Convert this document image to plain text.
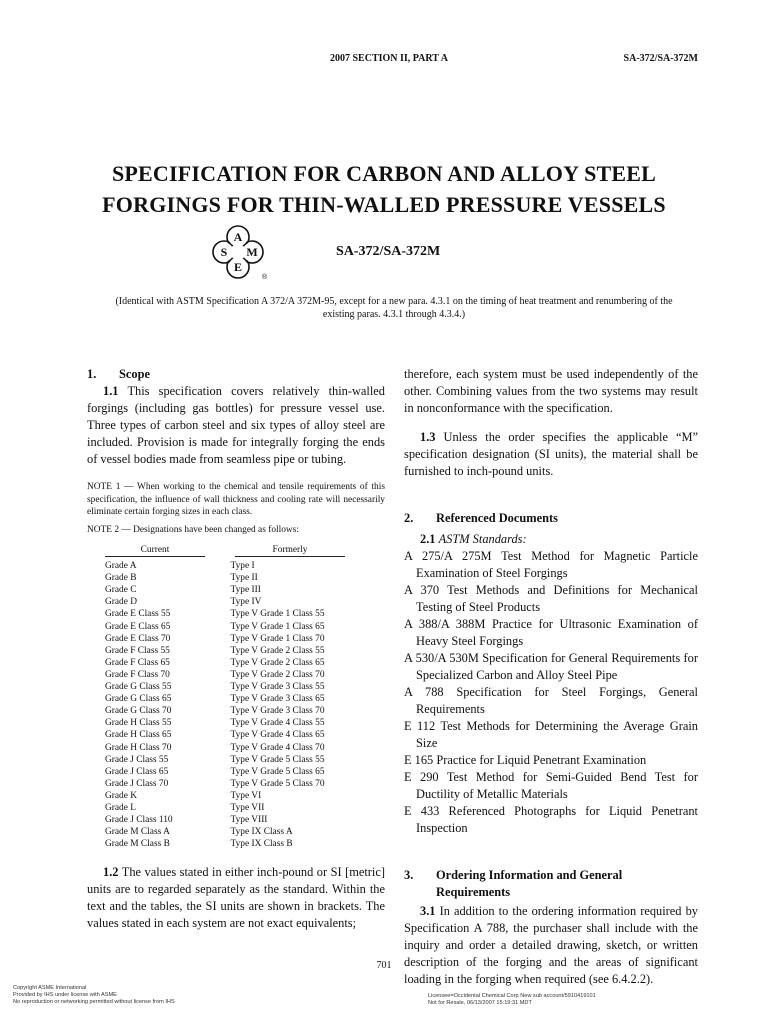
2007 SECTION II, PART A	SA-372/SA-372M
SPECIFICATION FOR CARBON AND ALLOY STEEL
FORGINGS FOR THIN-WALLED PRESSURE VESSELS
A
S M
E
®
SA-372/SA-372M
(Identical with ASTM Specification A 372/A 372M-95, except for a new para. 4.3.1 on the timing of heat treatment and renumbering of the existing paras. 4.3.1 through 4.3.4.)
1. Scope

1.1 This specification covers relatively thin-walled forgings (including gas bottles) for pressure vessel use. Three types of carbon steel and six types of alloy steel are included. Provision is made for integrally forging the ends of vessel bodies made from seamless pipe or tubing.

NOTE 1 — When working to the chemical and tensile requirements of this specification, the influence of wall thickness and cooling rate will necessarily eliminate certain forging sizes in each class.

NOTE 2 — Designations have been changed as follows:

Current	Formerly
Grade A	Type I
Grade B	Type II
Grade C	Type III
Grade D	Type IV
Grade E Class 55	Type V Grade 1 Class 55
Grade E Class 65	Type V Grade 1 Class 65
Grade E Class 70	Type V Grade 1 Class 70
Grade F Class 55	Type V Grade 2 Class 55
Grade F Class 65	Type V Grade 2 Class 65
Grade F Class 70	Type V Grade 2 Class 70
Grade G Class 55	Type V Grade 3 Class 55
Grade G Class 65	Type V Grade 3 Class 65
Grade G Class 70	Type V Grade 3 Class 70
Grade H Class 55	Type V Grade 4 Class 55
Grade H Class 65	Type V Grade 4 Class 65
Grade H Class 70	Type V Grade 4 Class 70
Grade J Class 55	Type V Grade 5 Class 55
Grade J Class 65	Type V Grade 5 Class 65
Grade J Class 70	Type V Grade 5 Class 70
Grade K	Type VI
Grade L	Type VII
Grade J Class 110	Type VIII
Grade M Class A	Type IX Class A
Grade M Class B	Type IX Class B

1.2 The values stated in either inch-pound or SI [metric] units are to regarded separately as the standard. Within the text and the tables, the SI units are shown in brackets. The values stated in each system are not exact equivalents;

therefore, each system must be used independently of the other. Combining values from the two systems may result in nonconformance with the specification.

1.3 Unless the order specifies the applicable “M” specification designation (SI units), the material shall be furnished to inch-pound units.

2. Referenced Documents
2.1 ASTM Standards:
A 275/A 275M Test Method for Magnetic Particle Examination of Steel Forgings
A 370 Test Methods and Definitions for Mechanical Testing of Steel Products
A 388/A 388M Practice for Ultrasonic Examination of Heavy Steel Forgings
A 530/A 530M Specification for General Requirements for Specialized Carbon and Alloy Steel Pipe
A 788 Specification for Steel Forgings, General Requirements
E 112 Test Methods for Determining the Average Grain Size
E 165 Practice for Liquid Penetrant Examination
E 290 Test Method for Semi-Guided Bend Test for Ductility of Metallic Materials
E 433 Referenced Photographs for Liquid Penetrant Inspection
3.	Ordering Information and General
Requirements

3.1 In addition to the ordering information required by Specification A 788, the purchaser shall include with the inquiry and order a detailed drawing, sketch, or written description of the forging and the areas of significant loading in the forging when required (see 6.4.2.2).

701
Copyright ASME International
Provided by IHS under license with ASME
No reproduction or networking permitted without license from IHS
Licensee=Occidental Chemical Corp New sub account/5910419101
Not for Resale, 06/13/2007 15:19:31 MDT
